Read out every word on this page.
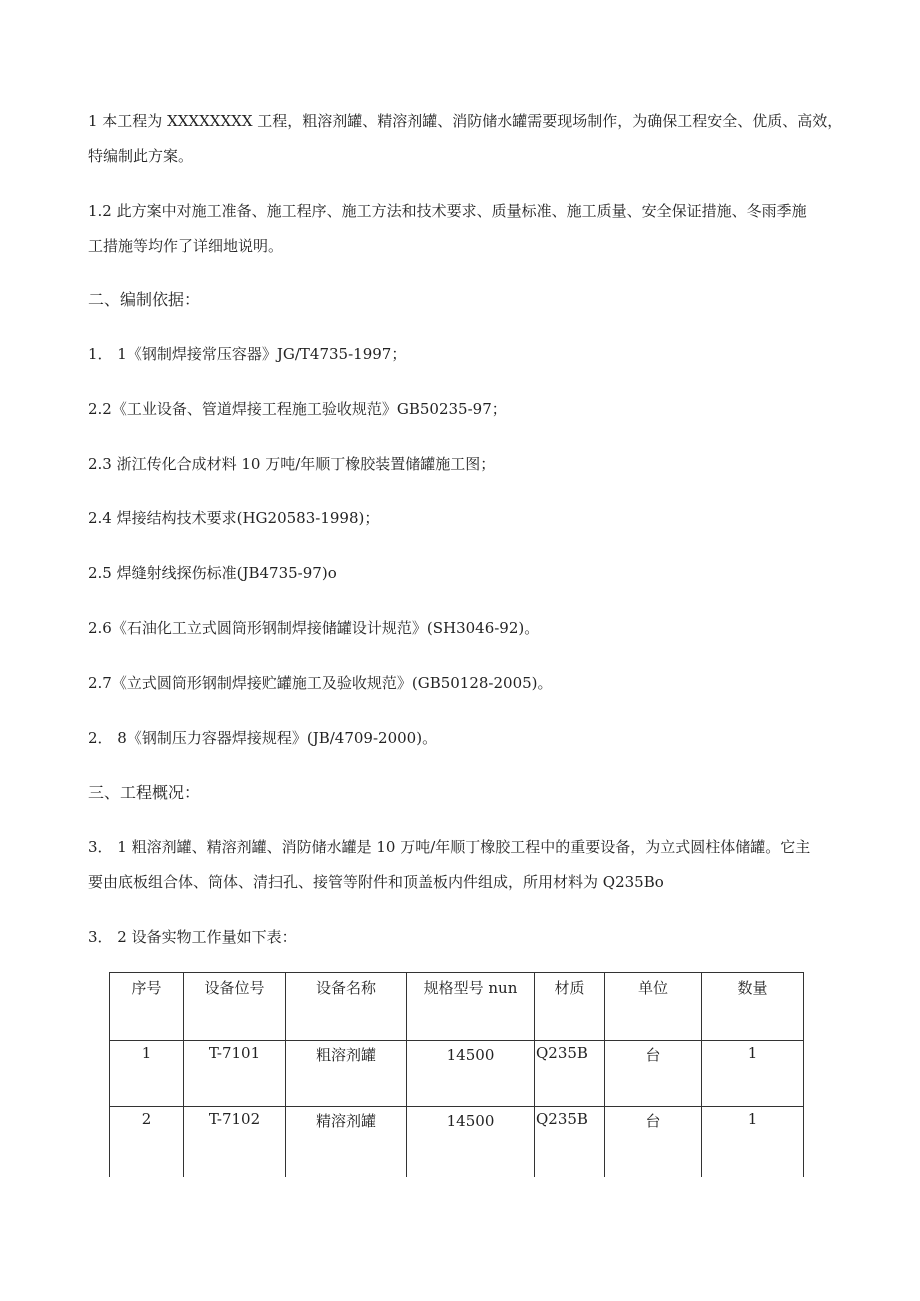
1 本工程为 XXXXXXXX 工程，粗溶剂罐、精溶剂罐、消防储水罐需要现场制作，为确保工程安全、优质、高效，
特编制此方案。
1.2 此方案中对施工准备、施工程序、施工方法和技术要求、质量标准、施工质量、安全保证措施、冬雨季施
工措施等均作了详细地说明。
二、编制依据：
1． 1《钢制焊接常压容器》JG/T4735-1997；
2.2《工业设备、管道焊接工程施工验收规范》GB50235-97；
2.3 浙江传化合成材料 10 万吨/年顺丁橡胶装置储罐施工图；
2.4 焊接结构技术要求(HG20583-1998)；
2.5 焊缝射线探伤标准(JB4735-97)o
2.6《石油化工立式圆筒形钢制焊接储罐设计规范》(SH3046-92)。
2.7《立式圆筒形钢制焊接贮罐施工及验收规范》(GB50128-2005)。
2． 8《钢制压力容器焊接规程》(JB/4709-2000)。
三、工程概况：
3． 1 粗溶剂罐、精溶剂罐、消防储水罐是 10 万吨/年顺丁橡胶工程中的重要设备，为立式圆柱体储罐。它主
要由底板组合体、筒体、清扫孔、接管等附件和顶盖板内件组成，所用材料为 Q235Bo
3． 2 设备实物工作量如下表：
序号	设备位号	设备名称	规格型号 nun	材质	单位	数量
1	T-7101	粗溶剂罐	14500	Q235B	台	1
2	T-7102	精溶剂罐	14500	Q235B	台	1
